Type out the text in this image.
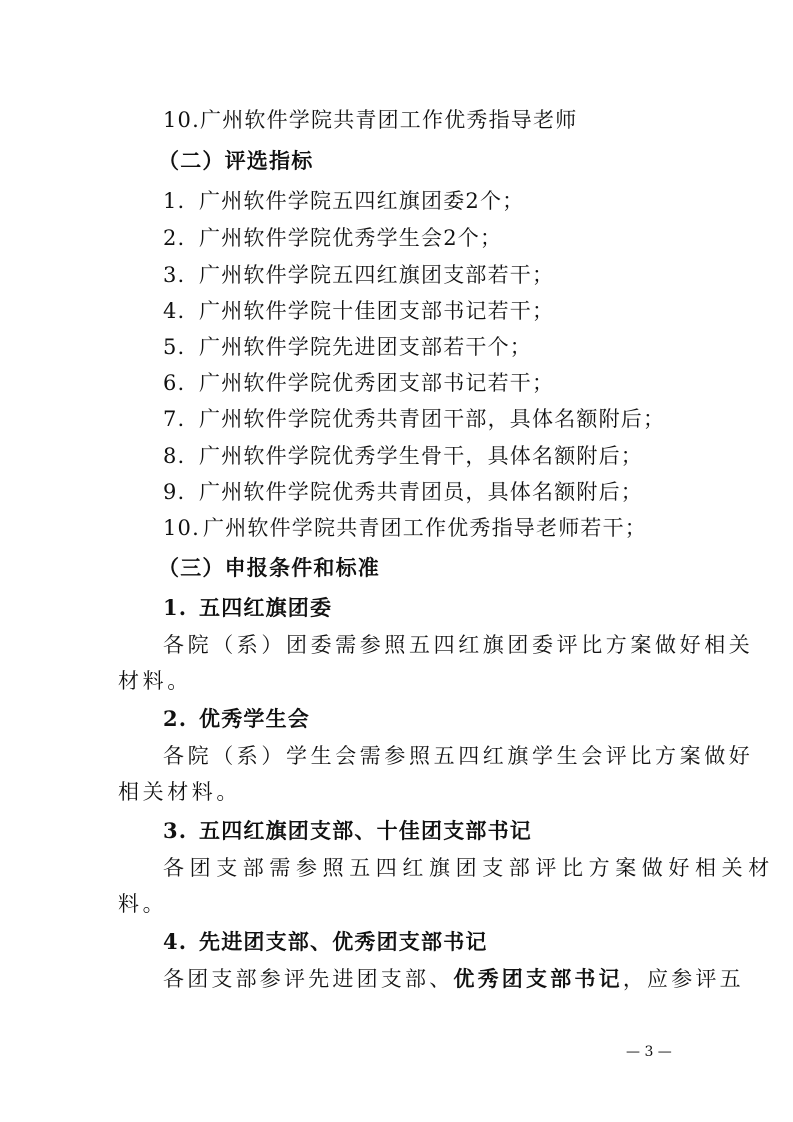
10.广州软件学院共青团工作优秀指导老师
（二）评选指标
1. 广州软件学院五四红旗团委2个；
2. 广州软件学院优秀学生会2个；
3. 广州软件学院五四红旗团支部若干；
4. 广州软件学院十佳团支部书记若干；
5. 广州软件学院先进团支部若干个；
6. 广州软件学院优秀团支部书记若干；
7. 广州软件学院优秀共青团干部，具体名额附后；
8. 广州软件学院优秀学生骨干，具体名额附后；
9. 广州软件学院优秀共青团员，具体名额附后；
10. 广州软件学院共青团工作优秀指导老师若干；
（三）申报条件和标准
1. 五四红旗团委
各院（系）团委需参照五四红旗团委评比方案做好相关
材料。
2. 优秀学生会
各院（系）学生会需参照五四红旗学生会评比方案做好
相关材料。
3. 五四红旗团支部、十佳团支部书记
各团支部需参照五四红旗团支部评比方案做好相关材
料。
4. 先进团支部、优秀团支部书记
各团支部参评先进团支部、优秀团支部书记，应参评五
— 3 —
